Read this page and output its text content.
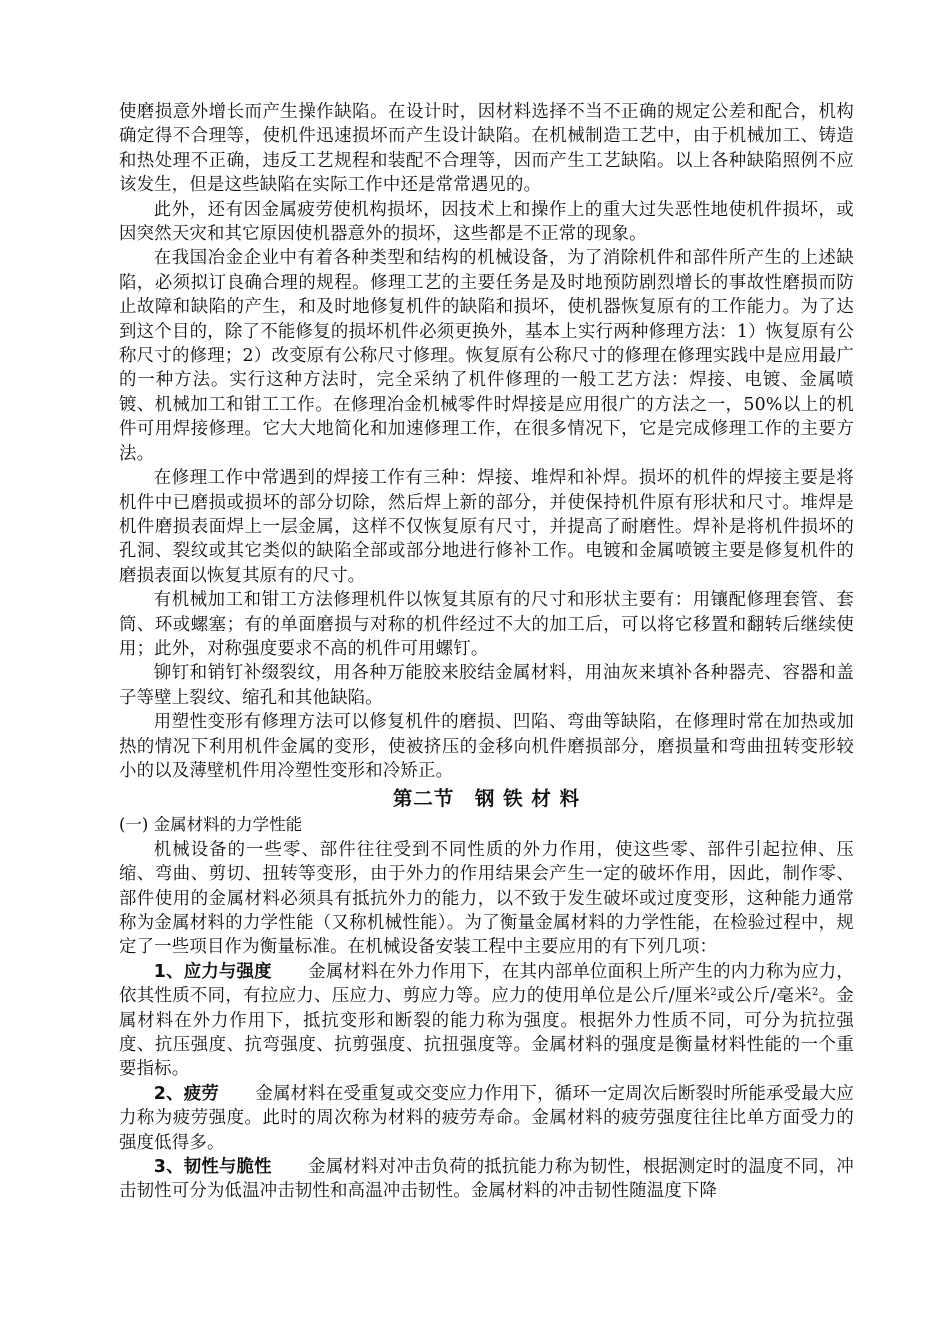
使磨损意外增长而产生操作缺陷。在设计时，因材料选择不当不正确的规定公差和配合，机构确定得不合理等，使机件迅速损坏而产生设计缺陷。在机械制造工艺中，由于机械加工、铸造和热处理不正确，违反工艺规程和装配不合理等，因而产生工艺缺陷。以上各种缺陷照例不应该发生，但是这些缺陷在实际工作中还是常常遇见的。

此外，还有因金属疲劳使机构损坏，因技术上和操作上的重大过失恶性地使机件损坏，或因突然天灾和其它原因使机器意外的损坏，这些都是不正常的现象。

在我国冶金企业中有着各种类型和结构的机械设备，为了消除机件和部件所产生的上述缺陷，必须拟订良确合理的规程。修理工艺的主要任务是及时地预防剧烈增长的事故性磨损而防止故障和缺陷的产生，和及时地修复机件的缺陷和损坏，使机器恢复原有的工作能力。为了达到这个目的，除了不能修复的损坏机件必须更换外，基本上实行两种修理方法：1）恢复原有公称尺寸的修理；2）改变原有公称尺寸修理。恢复原有公称尺寸的修理在修理实践中是应用最广的一种方法。实行这种方法时，完全采纳了机件修理的一般工艺方法：焊接、电镀、金属喷镀、机械加工和钳工工作。在修理冶金机械零件时焊接是应用很广的方法之一，50%以上的机件可用焊接修理。它大大地简化和加速修理工作，在很多情况下，它是完成修理工作的主要方法。

在修理工作中常遇到的焊接工作有三种：焊接、堆焊和补焊。损坏的机件的焊接主要是将机件中已磨损或损坏的部分切除，然后焊上新的部分，并使保持机件原有形状和尺寸。堆焊是机件磨损表面焊上一层金属，这样不仅恢复原有尺寸，并提高了耐磨性。焊补是将机件损坏的孔洞、裂纹或其它类似的缺陷全部或部分地进行修补工作。电镀和金属喷镀主要是修复机件的磨损表面以恢复其原有的尺寸。

有机械加工和钳工方法修理机件以恢复其原有的尺寸和形状主要有：用镶配修理套管、套筒、环或螺塞；有的单面磨损与对称的机件经过不大的加工后，可以将它移置和翻转后继续使用；此外，对称强度要求不高的机件可用螺钉。

铆钉和销钉补缀裂纹，用各种万能胶来胶结金属材料，用油灰来填补各种器壳、容器和盖子等壁上裂纹、缩孔和其他缺陷。

用塑性变形有修理方法可以修复机件的磨损、凹陷、弯曲等缺陷，在修理时常在加热或加热的情况下利用机件金属的变形，使被挤压的金移向机件磨损部分，磨损量和弯曲扭转变形较小的以及薄壁机件用冷塑性变形和冷矫正。

第二节　钢 铁 材 料

(一) 金属材料的力学性能

机械设备的一些零、部件往往受到不同性质的外力作用，使这些零、部件引起拉伸、压缩、弯曲、剪切、扭转等变形，由于外力的作用结果会产生一定的破坏作用，因此，制作零、部件使用的金属材料必须具有抵抗外力的能力，以不致于发生破坏或过度变形，这种能力通常称为金属材料的力学性能（又称机械性能）。为了衡量金属材料的力学性能，在检验过程中，规定了一些项目作为衡量标准。在机械设备安装工程中主要应用的有下列几项：

1、应力与强度 金属材料在外力作用下，在其内部单位面积上所产生的内力称为应力，依其性质不同，有拉应力、压应力、剪应力等。应力的使用单位是公斤/厘米$^2$或公斤/毫米$^2$。金属材料在外力作用下，抵抗变形和断裂的能力称为强度。根据外力性质不同，可分为抗拉强度、抗压强度、抗弯强度、抗剪强度、抗扭强度等。金属材料的强度是衡量材料性能的一个重要指标。

2、疲劳 金属材料在受重复或交变应力作用下，循环一定周次后断裂时所能承受最大应力称为疲劳强度。此时的周次称为材料的疲劳寿命。金属材料的疲劳强度往往比单方面受力的强度低得多。

3、韧性与脆性 金属材料对冲击负荷的抵抗能力称为韧性，根据测定时的温度不同，冲击韧性可分为低温冲击韧性和高温冲击韧性。金属材料的冲击韧性随温度下降
